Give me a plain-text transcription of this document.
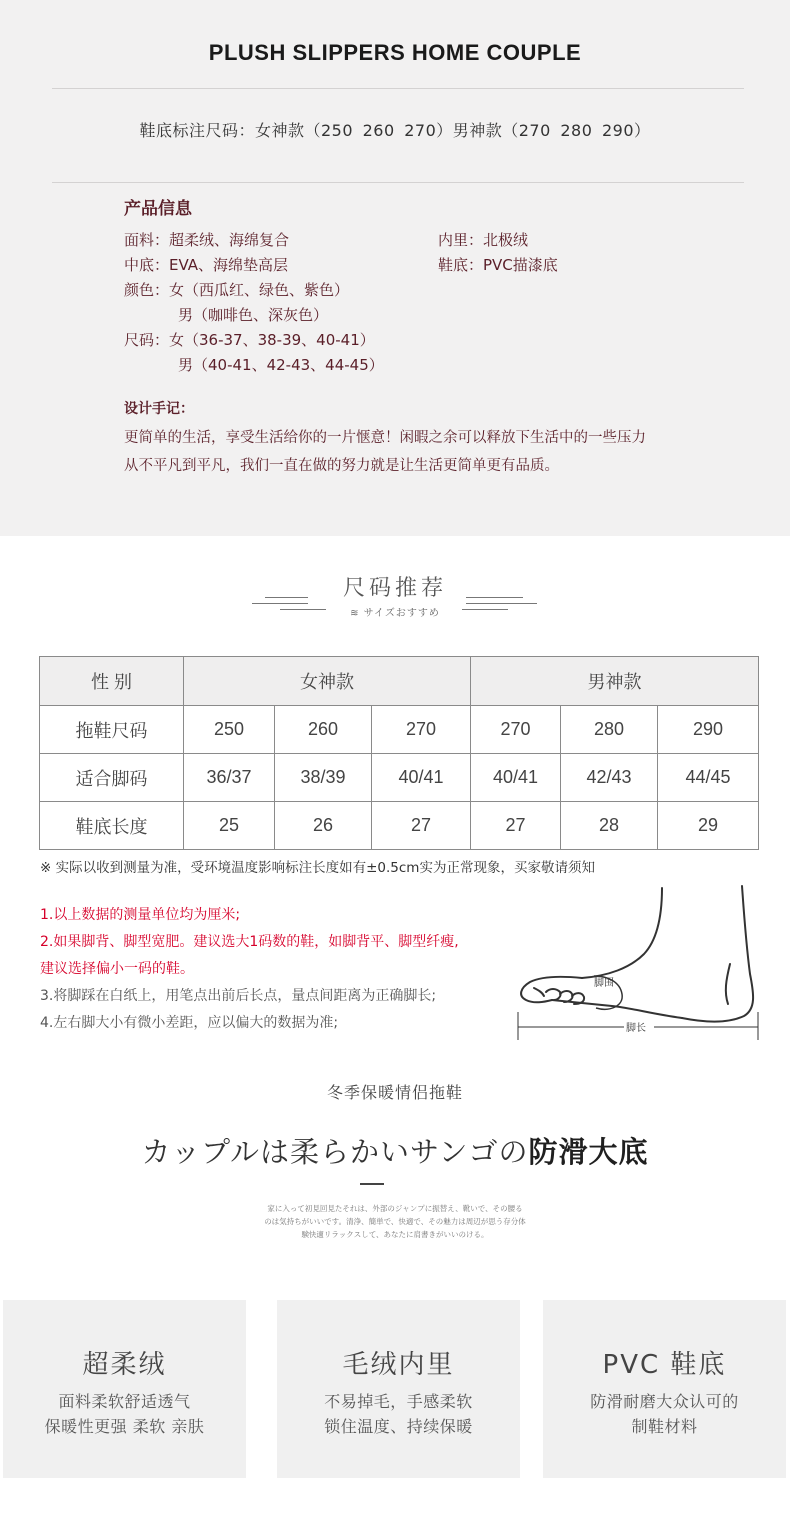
PLUSH SLIPPERS HOME COUPLE
鞋底标注尺码：女神款（250 260 270）男神款（270 280 290）
产品信息
面料：超柔绒、海绵复合	内里：北极绒
中底：EVA、海绵垫高层	鞋底：PVC描漆底
颜色：女（西瓜红、绿色、紫色）
男（咖啡色、深灰色）
尺码：女（36-37、38-39、40-41）
男（40-41、42-43、44-45）
设计手记：
更简单的生活，享受生活给你的一片惬意！闲暇之余可以释放下生活中的一些压力
从不平凡到平凡，我们一直在做的努力就是让生活更简单更有品质。
尺码推荐
≋ サイズおすすめ
性 别	女神款			男神款		
拖鞋尺码	250	260	270	270	280	290
适合脚码	36/37	38/39	40/41	40/41	42/43	44/45
鞋底长度	25	26	27	27	28	29
※ 实际以收到测量为准，受环境温度影响标注长度如有±0.5cm实为正常现象，买家敬请须知
1.以上数据的测量单位均为厘米;
2.如果脚背、脚型宽肥。建议选大1码数的鞋，如脚背平、脚型纤瘦,
建议选择偏小一码的鞋。
3.将脚踩在白纸上，用笔点出前后长点，量点间距离为正确脚长;
4.左右脚大小有微小差距，应以偏大的数据为准;
脚围
脚长
冬季保暖情侣拖鞋
カップルは柔らかいサンゴの防滑大底
家に入って初見回見たそれは、外部のジャンプに振替え、靴いで、その腰る
のは気持ちがいいです。清浄、簡単で、快適で、その魅力は周辺が思う存分体
験快適リラックスして、あなたに肩書きがいいのける。
超柔绒
面料柔软舒适透气
保暖性更强 柔软 亲肤
毛绒内里
不易掉毛，手感柔软
锁住温度、持续保暖
PVC 鞋底
防滑耐磨大众认可的
制鞋材料
